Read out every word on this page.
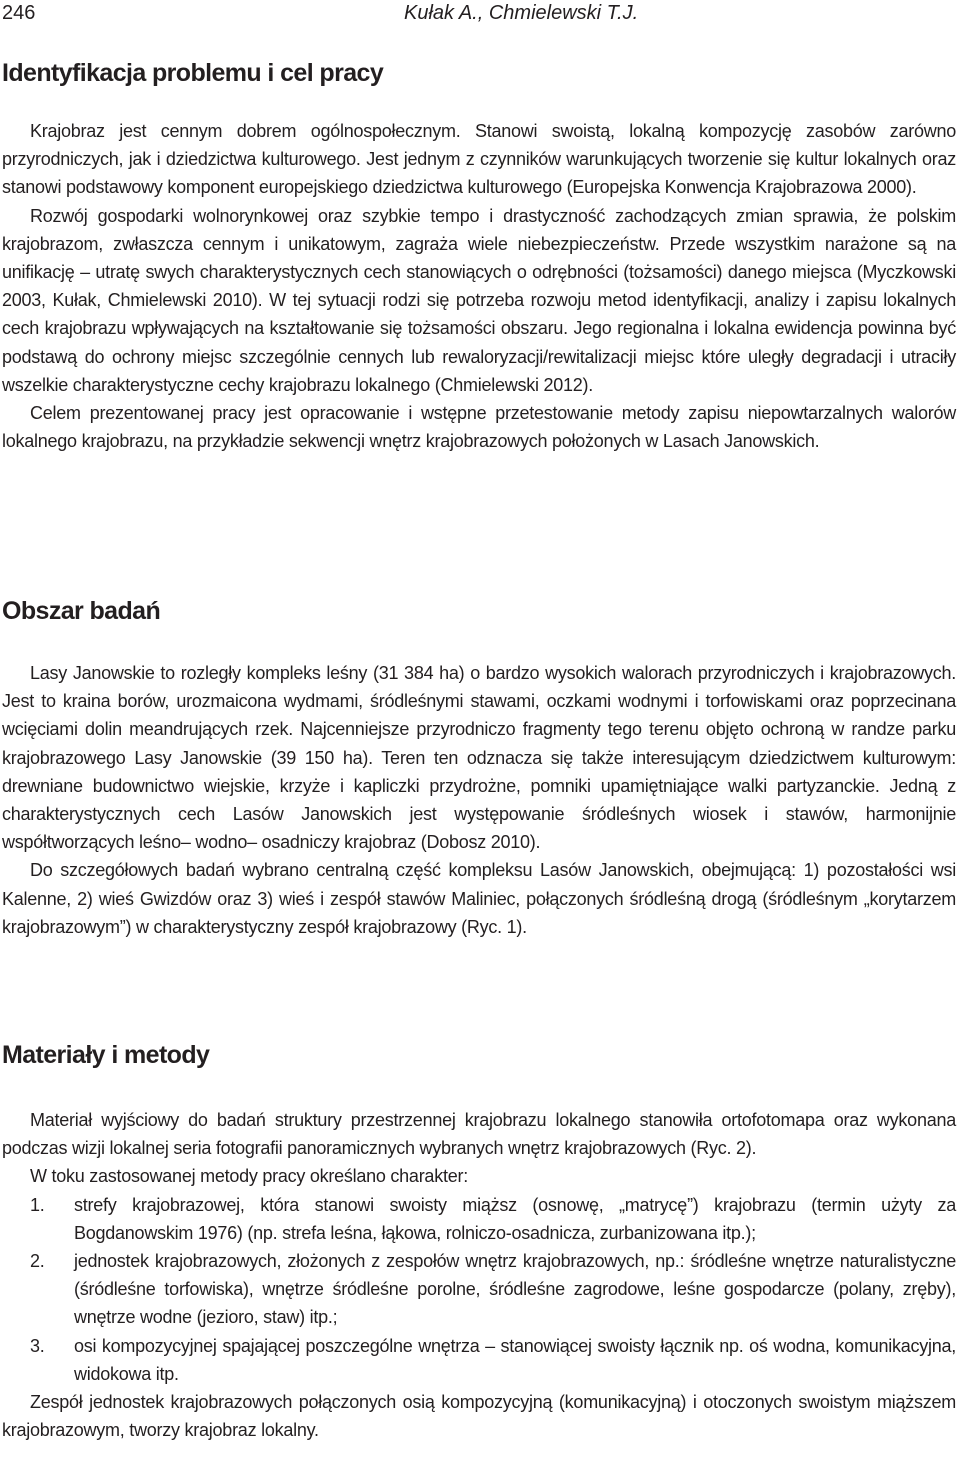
246	Kułak A., Chmielewski T.J.
Identyfikacja problemu i cel pracy

Krajobraz jest cennym dobrem ogólnospołecznym. Stanowi swoistą, lokalną kompozycję zasobów zarówno przyrodniczych, jak i dziedzictwa kulturowego. Jest jednym z czynników warunkujących tworzenie się kultur lokalnych oraz stanowi podstawowy komponent europejskiego dziedzictwa kulturowego (Europejska Konwencja Krajobrazowa 2000).

Rozwój gospodarki wolnorynkowej oraz szybkie tempo i drastyczność zachodzących zmian sprawia, że polskim krajobrazom, zwłaszcza cennym i unikatowym, zagraża wiele niebezpieczeństw. Przede wszystkim narażone są na unifikację – utratę swych charakterystycznych cech stanowiących o odrębności (tożsamości) danego miejsca (Myczkowski 2003, Kułak, Chmielewski 2010). W tej sytuacji rodzi się potrzeba rozwoju metod identyfikacji, analizy i zapisu lokalnych cech krajobrazu wpływających na kształtowanie się tożsamości obszaru. Jego regionalna i lokalna ewidencja powinna być podstawą do ochrony miejsc szczególnie cennych lub rewaloryzacji/rewitalizacji miejsc które uległy degradacji i utraciły wszelkie charakterystyczne cechy krajobrazu lokalnego (Chmielewski 2012).

Celem prezentowanej pracy jest opracowanie i wstępne przetestowanie metody zapisu niepowtarzalnych walorów lokalnego krajobrazu, na przykładzie sekwencji wnętrz krajobrazowych położonych w Lasach Janowskich.

Obszar badań

Lasy Janowskie to rozległy kompleks leśny (31 384 ha) o bardzo wysokich walorach przyrodniczych i krajobrazowych. Jest to kraina borów, urozmaicona wydmami, śródleśnymi stawami, oczkami wodnymi i torfowiskami oraz poprzecinana wcięciami dolin meandrujących rzek. Najcenniejsze przyrodniczo fragmenty tego terenu objęto ochroną w randze parku krajobrazowego Lasy Janowskie (39 150 ha). Teren ten odznacza się także interesującym dziedzictwem kulturowym: drewniane budownictwo wiejskie, krzyże i kapliczki przydrożne, pomniki upamiętniające walki partyzanckie. Jedną z charakterystycznych cech Lasów Janowskich jest występowanie śródleśnych wiosek i stawów, harmonijnie współtworzących leśno– wodno– osadniczy krajobraz (Dobosz 2010).

Do szczegółowych badań wybrano centralną część kompleksu Lasów Janowskich, obejmującą: 1) pozostałości wsi Kalenne, 2) wieś Gwizdów oraz 3) wieś i zespół stawów Maliniec, połączonych śródleśną drogą (śródleśnym „korytarzem krajobrazowym”) w charakterystyczny zespół krajobrazowy (Ryc. 1).

Materiały i metody

Materiał wyjściowy do badań struktury przestrzennej krajobrazu lokalnego stanowiła ortofotomapa oraz wykonana podczas wizji lokalnej seria fotografii panoramicznych wybranych wnętrz krajobrazowych (Ryc. 2).

W toku zastosowanej metody pracy określano charakter:

1. strefy krajobrazowej, która stanowi swoisty miąższ (osnowę, „matrycę”) krajobrazu (termin użyty za Bogdanowskim 1976) (np. strefa leśna, łąkowa, rolniczo-osadnicza, zurbanizowana itp.);
2. jednostek krajobrazowych, złożonych z zespołów wnętrz krajobrazowych, np.: śródleśne wnętrze naturalistyczne (śródleśne torfowiska), wnętrze śródleśne porolne, śródleśne zagrodowe, leśne gospodarcze (polany, zręby), wnętrze wodne (jezioro, staw) itp.;
3. osi kompozycyjnej spajającej poszczególne wnętrza – stanowiącej swoisty łącznik np. oś wodna, komunikacyjna, widokowa itp.

Zespół jednostek krajobrazowych połączonych osią kompozycyjną (komunikacyjną) i otoczonych swoistym miąższem krajobrazowym, tworzy krajobraz lokalny.
